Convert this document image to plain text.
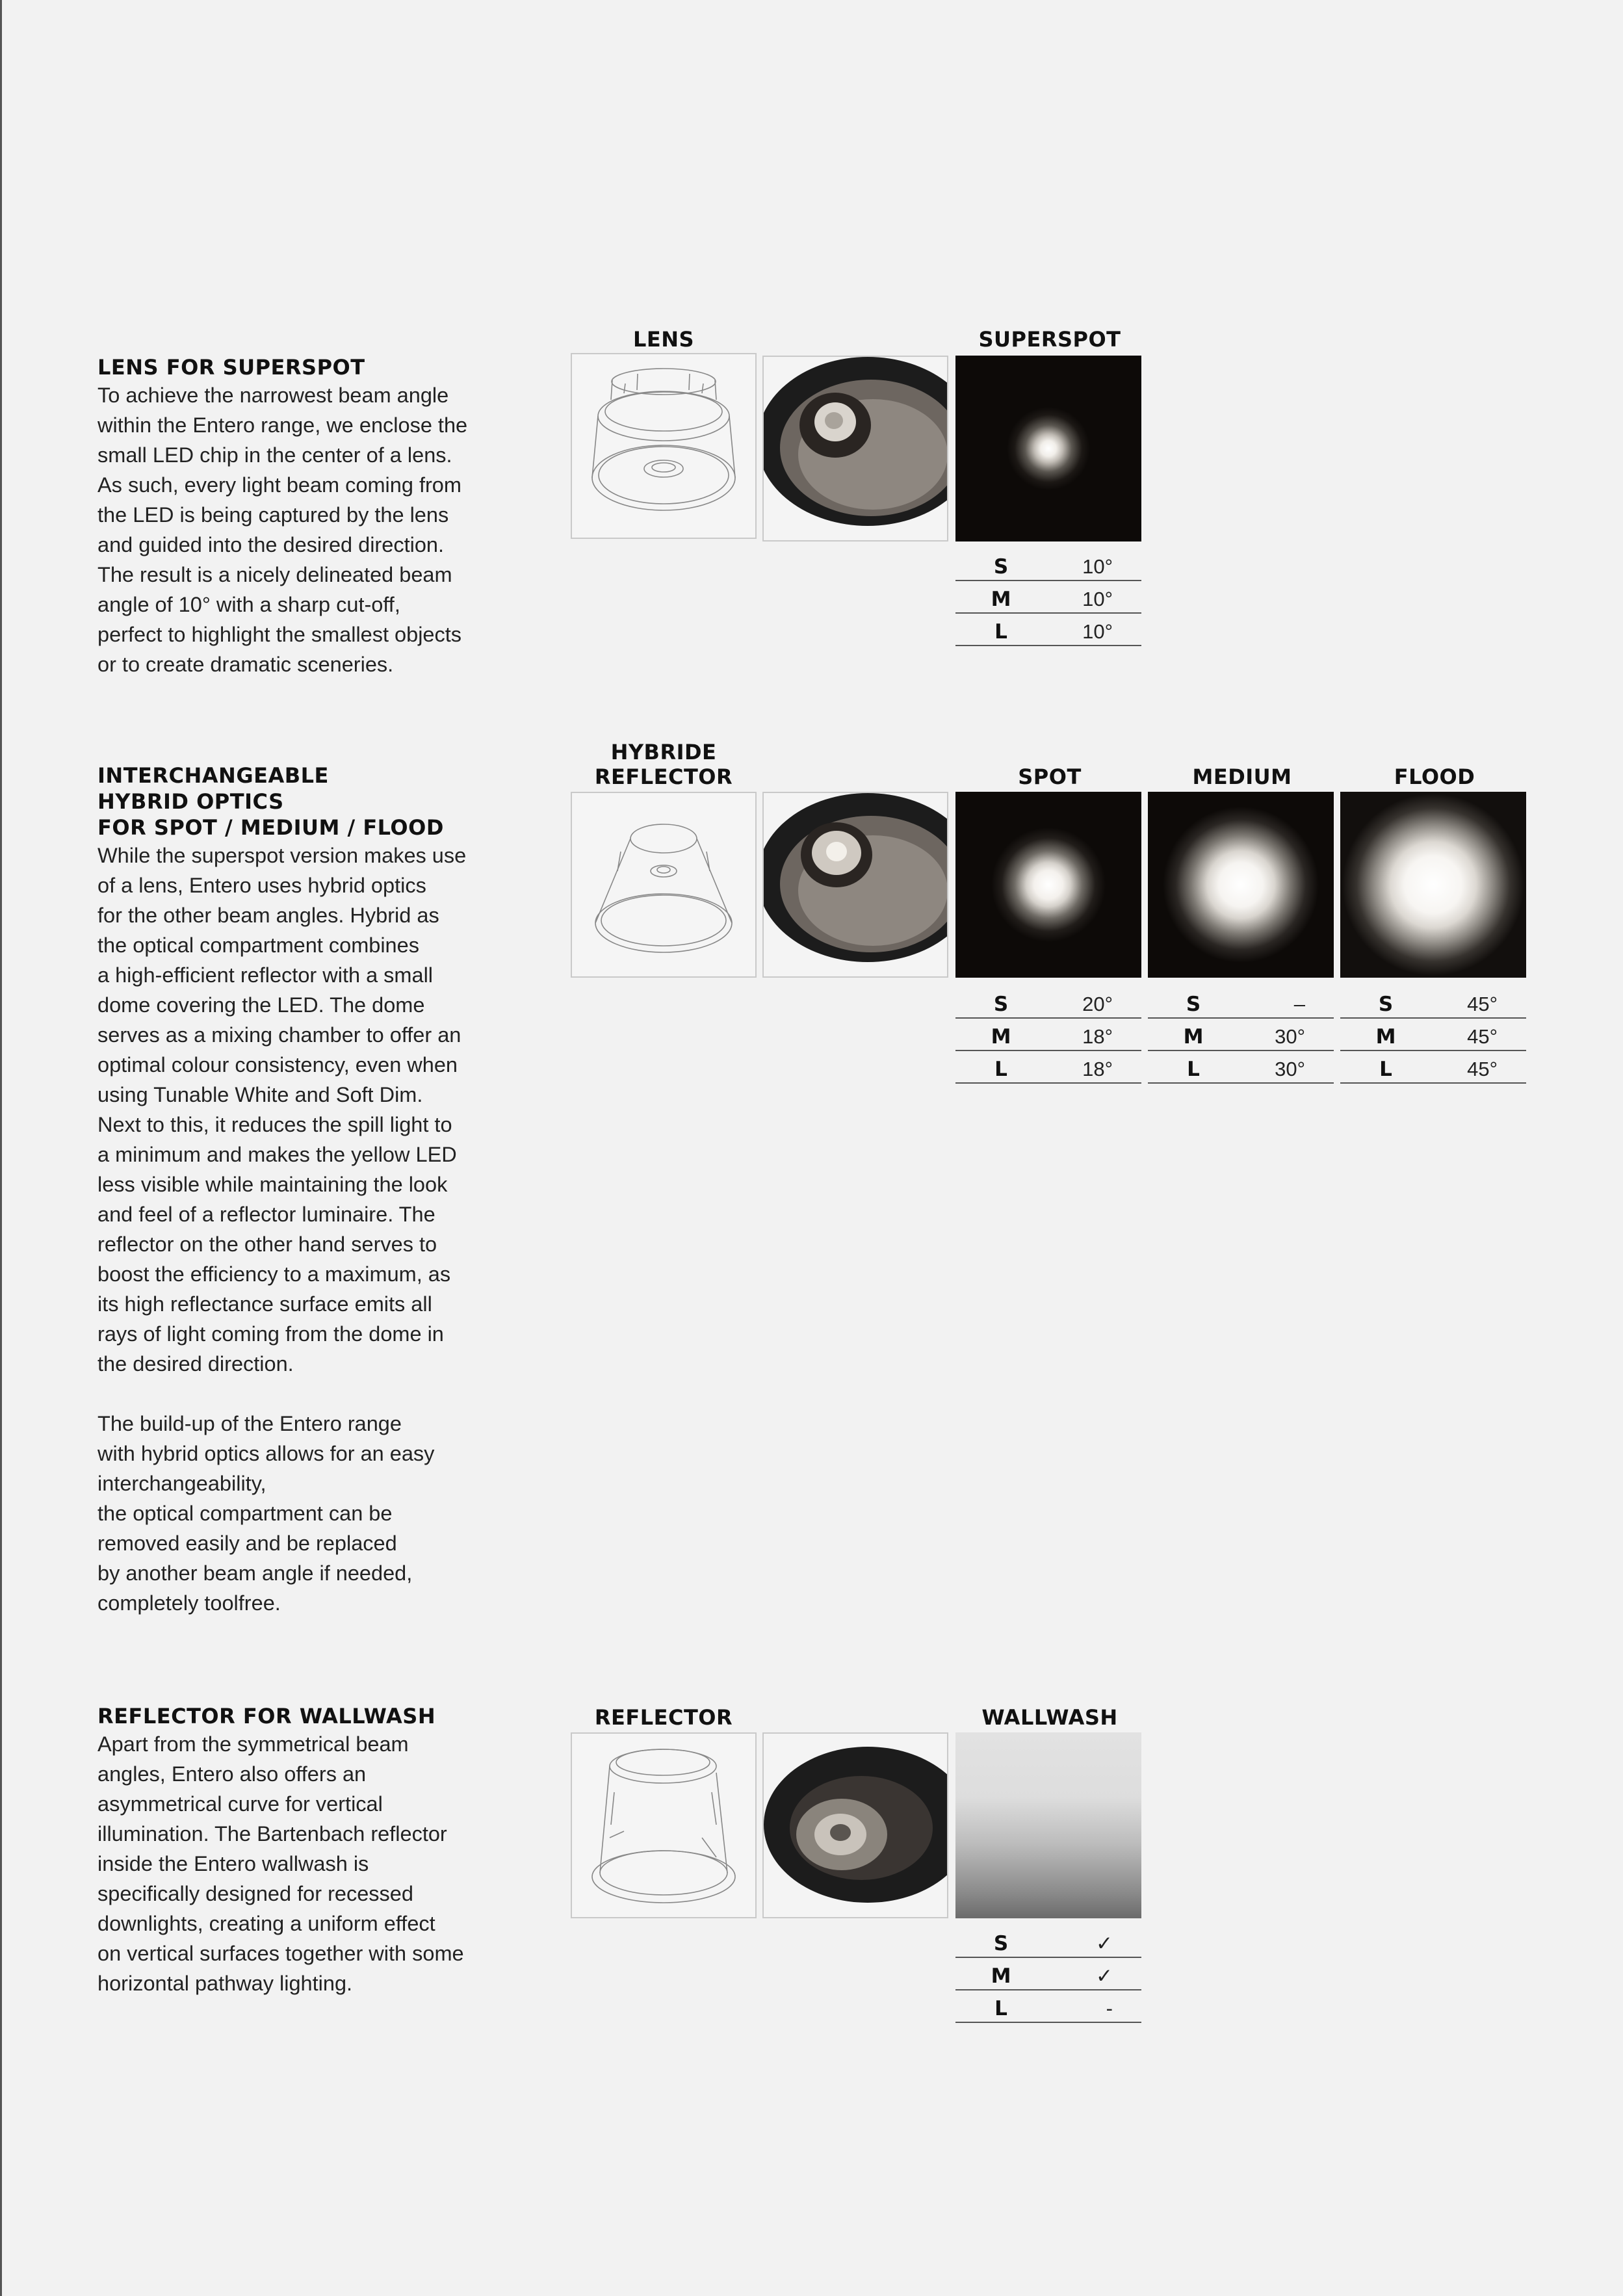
LENS FOR SUPERSPOT

To achieve the narrowest beam angle
within the Entero range, we enclose the
small LED chip in the center of a lens.
As such, every light beam coming from
the LED is being captured by the lens
and guided into the desired direction.
The result is a nicely delineated beam
angle of 10° with a sharp cut-off,
perfect to highlight the smallest objects
or to create dramatic sceneries.

LENS	SUPERSPOT
S	10°
M	10°
L	10°
INTERCHANGEABLE
HYBRID OPTICS
FOR SPOT / MEDIUM / FLOOD

While the superspot version makes use
of a lens, Entero uses hybrid optics
for the other beam angles. Hybrid as
the optical compartment combines
a high-efficient reflector with a small
dome covering the LED. The dome
serves as a mixing chamber to offer an
optimal colour consistency, even when
using Tunable White and Soft Dim.
Next to this, it reduces the spill light to
a minimum and makes the yellow LED
less visible while maintaining the look
and feel of a reflector luminaire. The
reflector on the other hand serves to
boost the efficiency to a maximum, as
its high reflectance surface emits all
rays of light coming from the dome in
the desired direction.

The build-up of the Entero range
with hybrid optics allows for an easy
interchangeability,
the optical compartment can be
removed easily and be replaced
by another beam angle if needed,
completely toolfree.

HYBRIDE
REFLECTOR	SPOT	MEDIUM	FLOOD
S	20°
M	18°
L	18°
S	–
M	30°
L	30°
S	45°
M	45°
L	45°
REFLECTOR FOR WALLWASH

Apart from the symmetrical beam
angles, Entero also offers an
asymmetrical curve for vertical
illumination. The Bartenbach reflector
inside the Entero wallwash is
specifically designed for recessed
downlights, creating a uniform effect
on vertical surfaces together with some
horizontal pathway lighting.

REFLECTOR	WALLWASH
S	✓
M	✓
L	-
